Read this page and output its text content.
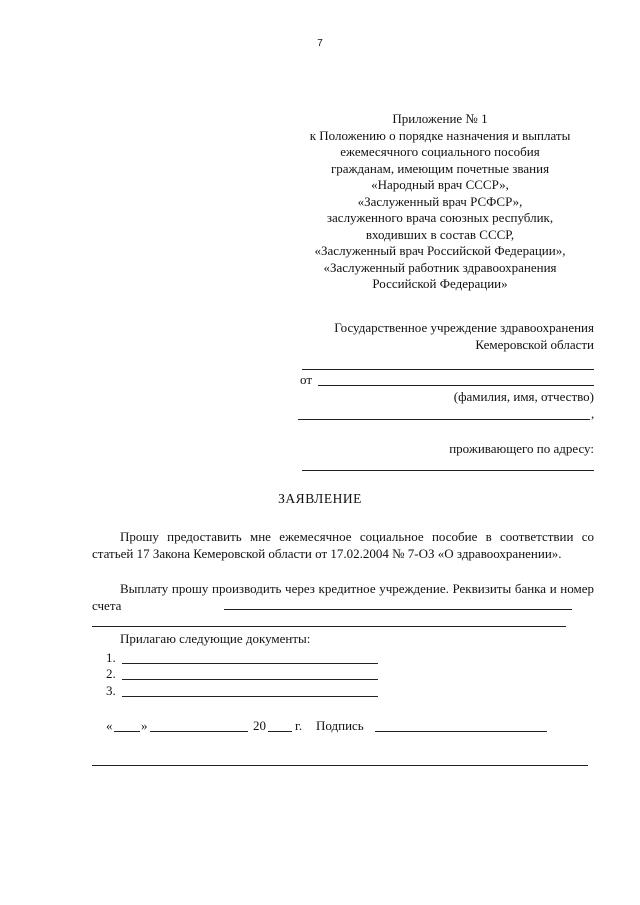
7
Приложение № 1
к Положению о порядке назначения и выплаты
ежемесячного социального пособия
гражданам, имеющим почетные звания
«Народный врач СССР»,
«Заслуженный врач РСФСР»,
заслуженного врача союзных республик,
входивших в состав СССР,
«Заслуженный врач Российской Федерации»,
«Заслуженный работник здравоохранения
Российской Федерации»
Государственное учреждение здравоохранения
Кемеровской области
от
(фамилия, имя, отчество)
,
проживающего по адресу:
ЗАЯВЛЕНИЕ
Прошу предоставить мне ежемесячное социальное пособие в соответствии со статьей 17 Закона Кемеровской области от 17.02.2004 № 7-ОЗ «О здравоохранении».
Выплату прошу производить через кредитное учреждение. Реквизиты банка и номер счета
Прилагаю следующие документы:
1.
2.
3.
« »	20 г. Подпись
